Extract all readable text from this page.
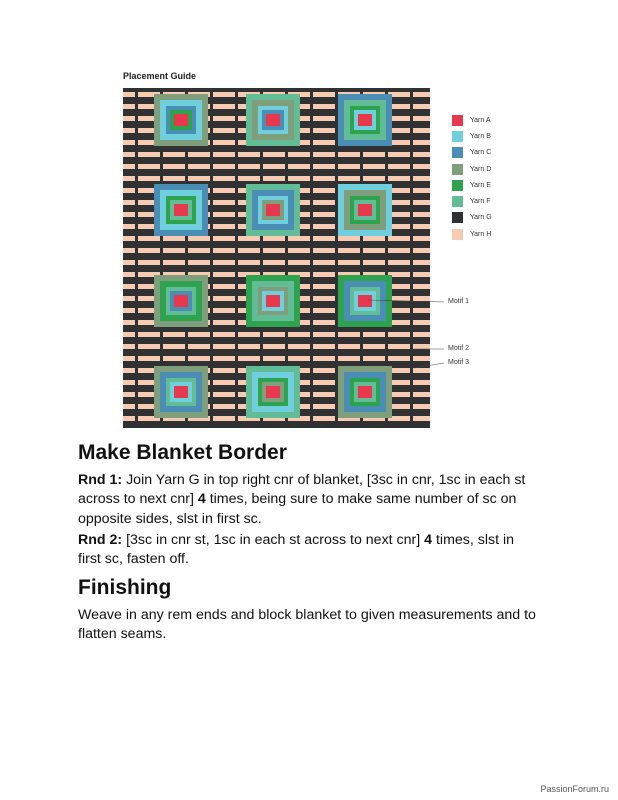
Placement Guide
Yarn A
Yarn B
Yarn C
Yarn D
Yarn E
Yarn F
Yarn G
Yarn H
Motif 1
Motif 2
Motif 3
Make Blanket Border

Rnd 1: Join Yarn G in top right cnr of blanket, [3sc in cnr, 1sc in each st across to next cnr] 4 times, being sure to make same number of sc on opposite sides, slst in first sc.

Rnd 2: [3sc in cnr st, 1sc in each st across to next cnr] 4 times, slst in first sc, fasten off.

Finishing

Weave in any rem ends and block blanket to given measurements and to flatten seams.

PassionForum.ru
